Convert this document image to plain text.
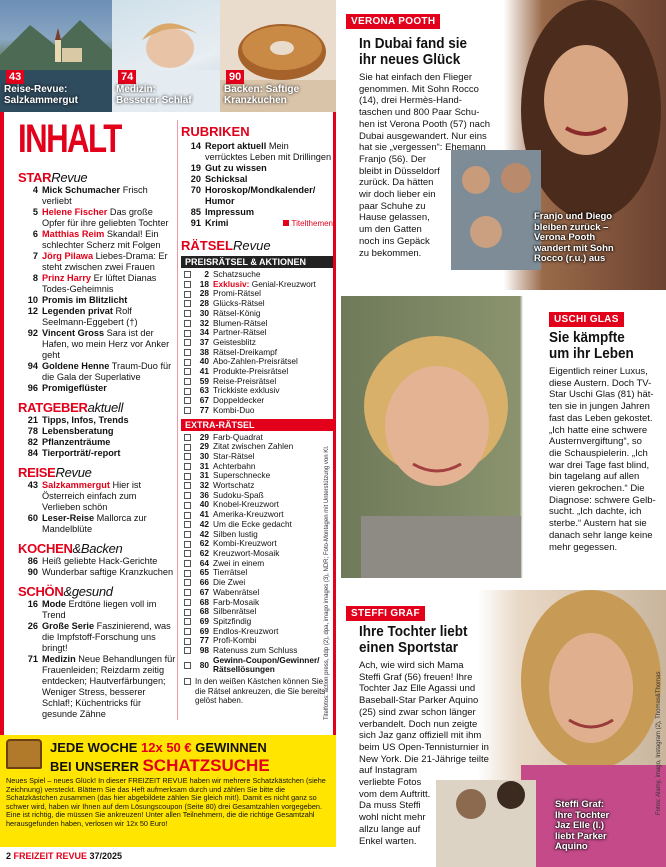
43
Reise-Revue:
Salzkammergut
74
Medizin:
Besserer Schlaf
90
Backen: Saftige
Kranzkuchen
INHALT
STARRevue
4 Mick Schumacher Frisch verliebt
5 Helene Fischer Das große Opfer für ihre geliebten Tochter
6 Matthias Reim Skandal! Ein schlechter Scherz mit Folgen
7 Jörg Pilawa Liebes-Drama: Er steht zwischen zwei Frauen
8 Prinz Harry Er lüftet Dianas Todes-Geheimnis
10 Promis im Blitzlicht
12 Legenden privat Rolf Seelmann-Eggebert (†)
92 Vincent Gross Sara ist der Hafen, wo mein Herz vor Anker geht
94 Goldene Henne Traum-Duo für die Gala der Superlative
96 Promigeflüster
RATGEBERaktuell
21 Tipps, Infos, Trends
78 Lebensberatung
82 Pflanzenträume
84 Tierporträt/-report
REISERevue
43 Salzkammergut Hier ist Österreich einfach zum Verlieben schön
60 Leser-Reise Mallorca zur Mandelblüte
KOCHEN&Backen
86 Heiß geliebte Hack-Gerichte
90 Wunderbar saftige Kranzkuchen
SCHÖN&gesund
16 Mode Erdtöne liegen voll im Trend
26 Große Serie Faszinierend, was die Impfstoff-Forschung uns bringt!
71 Medizin Neue Behandlungen für Frauenleiden; Reizdarm zeitig entdecken; Hautverfärbungen; Weniger Stress, besserer Schlaf!; Küchentricks für gesunde Zähne
RUBRIKEN
14 Report aktuell Mein verrücktes Leben mit Drillingen
19 Gut zu wissen
20 Schicksal
70 Horoskop/Mondkalender/ Humor
85 Impressum
91 Krimi	Titelthemen
RÄTSELRevue
PREISRÄTSEL & AKTIONEN
2 Schatzsuche
18 Exklusiv: Genial-Kreuzwort
28 Promi-Rätsel
28 Glücks-Rätsel
30 Rätsel-König
32 Blumen-Rätsel
34 Partner-Rätsel
37 Geistesblitz
38 Rätsel-Dreikampf
40 Abo-Zahlen-Preisrätsel
41 Produkte-Preisrätsel
59 Reise-Preisrätsel
63 Trickkiste exklusiv
67 Doppeldecker
77 Kombi-Duo
EXTRA-RÄTSEL
29 Farb-Quadrat
29 Zitat zwischen Zahlen
30 Star-Rätsel
31 Achterbahn
31 Superschnecke
32 Wortschatz
36 Sudoku-Spaß
40 Knobel-Kreuzwort
41 Amerika-Kreuzwort
42 Um die Ecke gedacht
42 Silben lustig
62 Kombi-Kreuzwort
62 Kreuzwort-Mosaik
64 Zwei in einem
65 Tierrätsel
66 Die Zwei
67 Wabenrätsel
68 Farb-Mosaik
68 Silbenrätsel
69 Spitzfindig
69 Endlos-Kreuzwort
77 Profi-Kombi
98 Ratenuss zum Schluss
80 Gewinn-Coupon/Gewinner/ Rätsellösungen
In den weißen Kästchen können Sie die Rätsel ankreuzen, die Sie bereits gelöst haben.	Titelfotos: action press, ddp (2), dpa, imago images (3), NDR; Foto-Montagen mit Unterstützung von KI.
JEDE WOCHE 12x 50 € GEWINNEN
BEI UNSERER SCHATZSUCHE
Neues Spiel – neues Glück! In dieser FREIZEIT REVUE haben wir mehrere Schatzkästchen (siehe Zeichnung) versteckt. Blättern Sie das Heft aufmerksam durch und zählen Sie bitte die Schatzkästchen zusammen (das hier abgebildete zählen Sie gleich mit!). Damit es nicht ganz so schwer wird, haben wir Ihnen auf dem Lösungscoupon (Seite 80) drei Gesamtzahlen vorgegeben. Eine ist richtig, die müssen Sie ankreuzen! Unter allen Teilnehmern, die die richtige Gesamtzahl herausgefunden haben, verlosen wir 12x 50 Euro!
2 FREIZEIT REVUE 37/2025
VERONA POOTH
In Dubai fand sie
ihr neues Glück
Sie hat einfach den Flieger
genommen. Mit Sohn Rocco
(14), drei Hermès-Hand-
taschen und 800 Paar Schu-
hen ist Verona Pooth (57) nach
Dubai ausgewandert. Nur eins
hat sie „vergessen“: Ehemann
Franjo (56). Der
bleibt in Düsseldorf
zurück. Da hätten
wir doch lieber ein
paar Schuhe zu
Hause gelassen,
um den Gatten
noch ins Gepäck
zu bekommen.
Franjo und Diego
bleiben zurück –
Verona Pooth
wandert mit Sohn
Rocco (r.u.) aus
USCHI GLAS
Sie kämpfte
um ihr Leben
Eigentlich reiner Luxus,
diese Austern. Doch TV-
Star Uschi Glas (81) hät-
ten sie in jungen Jahren
fast das Leben gekostet.
„Ich hatte eine schwere
Austernvergiftung“, so
die Schauspielerin. „Ich
war drei Tage fast blind,
bin tagelang auf allen
vieren gekrochen.“ Die
Diagnose: schwere Gelb-
sucht. „Ich dachte, ich
sterbe.“ Austern hat sie
danach sehr lange keine
mehr gegessen.
STEFFI GRAF
Ihre Tochter liebt
einen Sportstar
Ach, wie wird sich Mama
Steffi Graf (56) freuen! Ihre
Tochter Jaz Elle Agassi und
Baseball-Star Parker Aquino
(25) sind zwar schon länger
verbandelt. Doch nun zeigte
sich Jaz ganz offiziell mit ihm
beim US Open-Tennisturnier in
New York. Die 21-Jährige teilte
auf Instagram
verliebte Fotos
vom dem Auftritt.
Da muss Steffi
wohl nicht mehr
allzu lange auf
Enkel warten.
Steffi Graf:
Ihre Tochter
Jaz Elle (l.)
liebt Parker
Aquino
Fotos: Alamy, imago, Instagram (2), Thomas&Thomas
